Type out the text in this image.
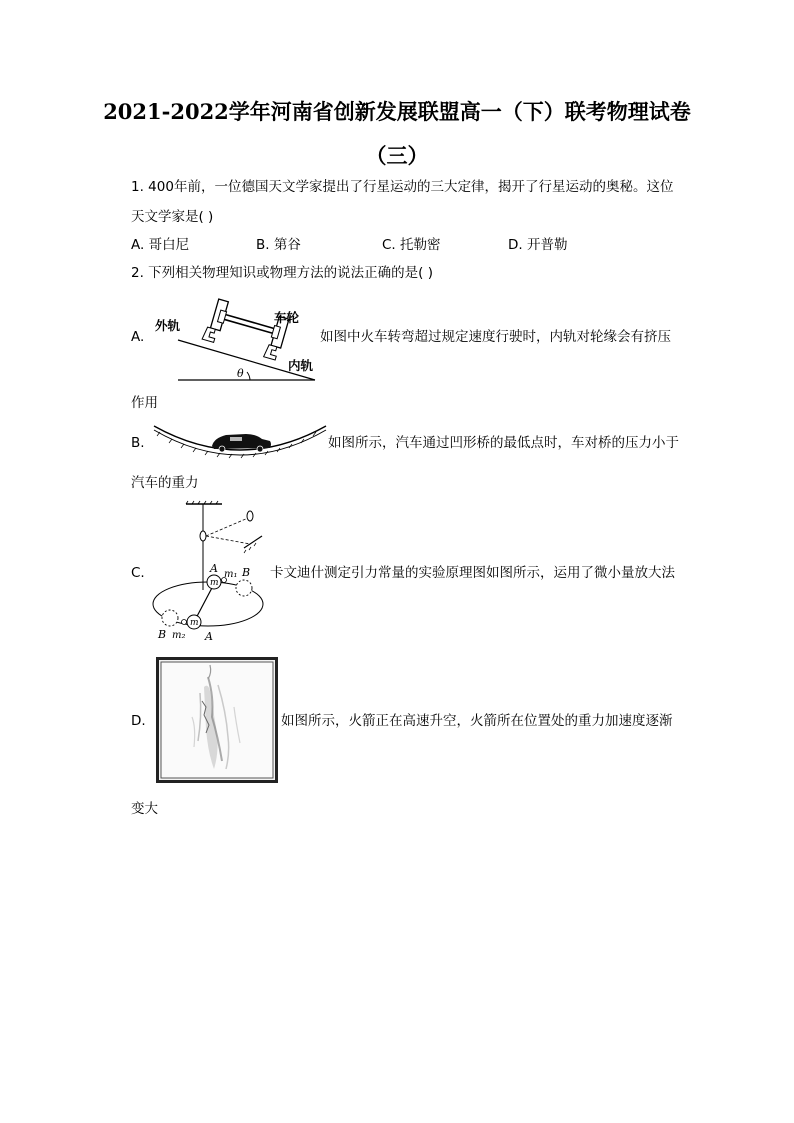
2021-2022学年河南省创新发展联盟高一（下）联考物理试卷
（三）
1. 400年前，一位德国天文学家提出了行星运动的三大定律，揭开了行星运动的奥秘。这位
天文学家是( )
A. 哥白尼	B. 第谷	C. 托勒密	D. 开普勒
2. 下列相关物理知识或物理方法的说法正确的是( )
A.
外轨
车轮
内轨
θ
如图中火车转弯超过规定速度行驶时，内轨对轮缘会有挤压
作用
B.	如图所示，汽车通过凹形桥的最低点时，车对桥的压力小于
汽车的重力
C.	A m₁ B
B m₂ A
m
m
卡文迪什测定引力常量的实验原理图如图所示，运用了微小量放大法
D.	如图所示，火箭正在高速升空，火箭所在位置处的重力加速度逐渐
变大
